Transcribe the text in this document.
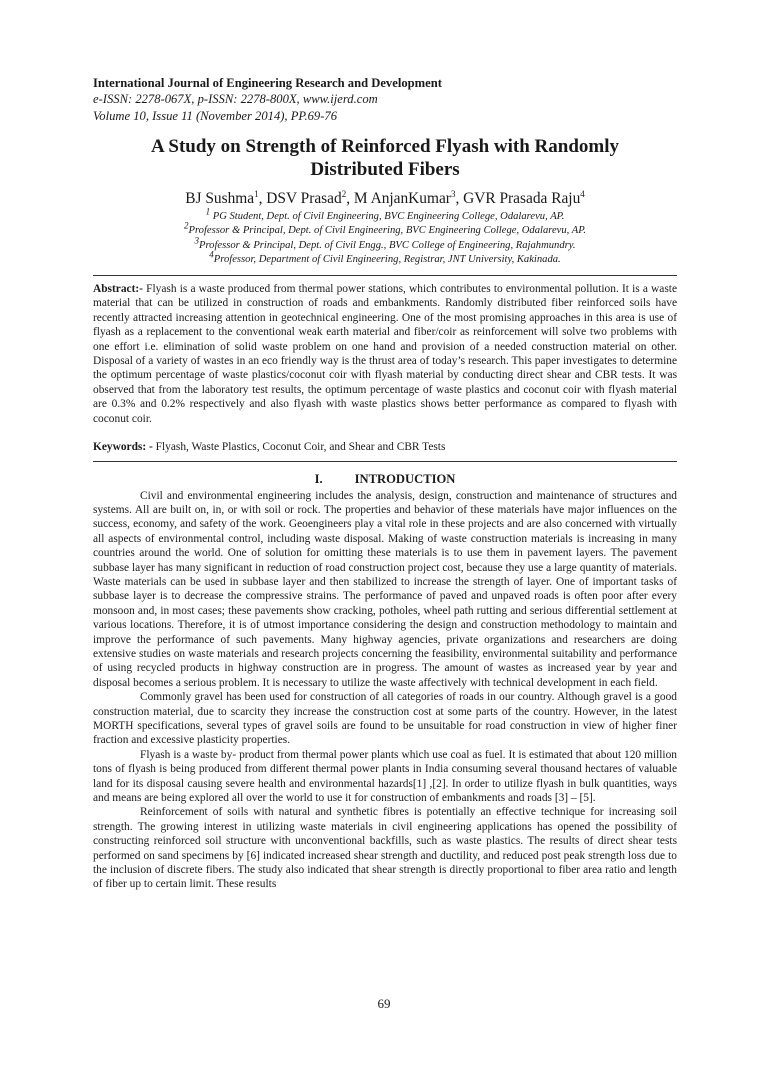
International Journal of Engineering Research and Development
e-ISSN: 2278-067X, p-ISSN: 2278-800X, www.ijerd.com
Volume 10, Issue 11 (November 2014), PP.69-76
A Study on Strength of Reinforced Flyash with Randomly Distributed Fibers
BJ Sushma$^1$, DSV Prasad$^2$, M AnjanKumar$^3$, GVR Prasada Raju$^4$
$^1$ PG Student, Dept. of Civil Engineering, BVC Engineering College, Odalarevu, AP.
$^2$Professor & Principal, Dept. of Civil Engineering, BVC Engineering College, Odalarevu, AP.
$^3$Professor & Principal, Dept. of Civil Engg., BVC College of Engineering, Rajahmundry.
$^4$Professor, Department of Civil Engineering, Registrar, JNT University, Kakinada.
Abstract:- Flyash is a waste produced from thermal power stations, which contributes to environmental pollution. It is a waste material that can be utilized in construction of roads and embankments. Randomly distributed fiber reinforced soils have recently attracted increasing attention in geotechnical engineering. One of the most promising approaches in this area is use of flyash as a replacement to the conventional weak earth material and fiber/coir as reinforcement will solve two problems with one effort i.e. elimination of solid waste problem on one hand and provision of a needed construction material on other. Disposal of a variety of wastes in an eco friendly way is the thrust area of today’s research. This paper investigates to determine the optimum percentage of waste plastics/coconut coir with flyash material by conducting direct shear and CBR tests. It was observed that from the laboratory test results, the optimum percentage of waste plastics and coconut coir with flyash material are 0.3% and 0.2% respectively and also flyash with waste plastics shows better performance as compared to flyash with coconut coir.
Keywords: - Flyash, Waste Plastics, Coconut Coir, and Shear and CBR Tests
I.	INTRODUCTION

Civil and environmental engineering includes the analysis, design, construction and maintenance of structures and systems. All are built on, in, or with soil or rock. The properties and behavior of these materials have major influences on the success, economy, and safety of the work. Geoengineers play a vital role in these projects and are also concerned with virtually all aspects of environmental control, including waste disposal. Making of waste construction materials is increasing in many countries around the world. One of solution for omitting these materials is to use them in pavement layers. The pavement subbase layer has many significant in reduction of road construction project cost, because they use a large quantity of materials. Waste materials can be used in subbase layer and then stabilized to increase the strength of layer. One of important tasks of subbase layer is to decrease the compressive strains. The performance of paved and unpaved roads is often poor after every monsoon and, in most cases; these pavements show cracking, potholes, wheel path rutting and serious differential settlement at various locations. Therefore, it is of utmost importance considering the design and construction methodology to maintain and improve the performance of such pavements. Many highway agencies, private organizations and researchers are doing extensive studies on waste materials and research projects concerning the feasibility, environmental suitability and performance of using recycled products in highway construction are in progress. The amount of wastes as increased year by year and disposal becomes a serious problem. It is necessary to utilize the waste affectively with technical development in each field.

Commonly gravel has been used for construction of all categories of roads in our country. Although gravel is a good construction material, due to scarcity they increase the construction cost at some parts of the country. However, in the latest MORTH specifications, several types of gravel soils are found to be unsuitable for road construction in view of higher finer fraction and excessive plasticity properties.

Flyash is a waste by- product from thermal power plants which use coal as fuel. It is estimated that about 120 million tons of flyash is being produced from different thermal power plants in India consuming several thousand hectares of valuable land for its disposal causing severe health and environmental hazards[1] ,[2]. In order to utilize flyash in bulk quantities, ways and means are being explored all over the world to use it for construction of embankments and roads [3] – [5].

Reinforcement of soils with natural and synthetic fibres is potentially an effective technique for increasing soil strength. The growing interest in utilizing waste materials in civil engineering applications has opened the possibility of constructing reinforced soil structure with unconventional backfills, such as waste plastics. The results of direct shear tests performed on sand specimens by [6] indicated increased shear strength and ductility, and reduced post peak strength loss due to the inclusion of discrete fibers. The study also indicated that shear strength is directly proportional to fiber area ratio and length of fiber up to certain limit. These results

69
